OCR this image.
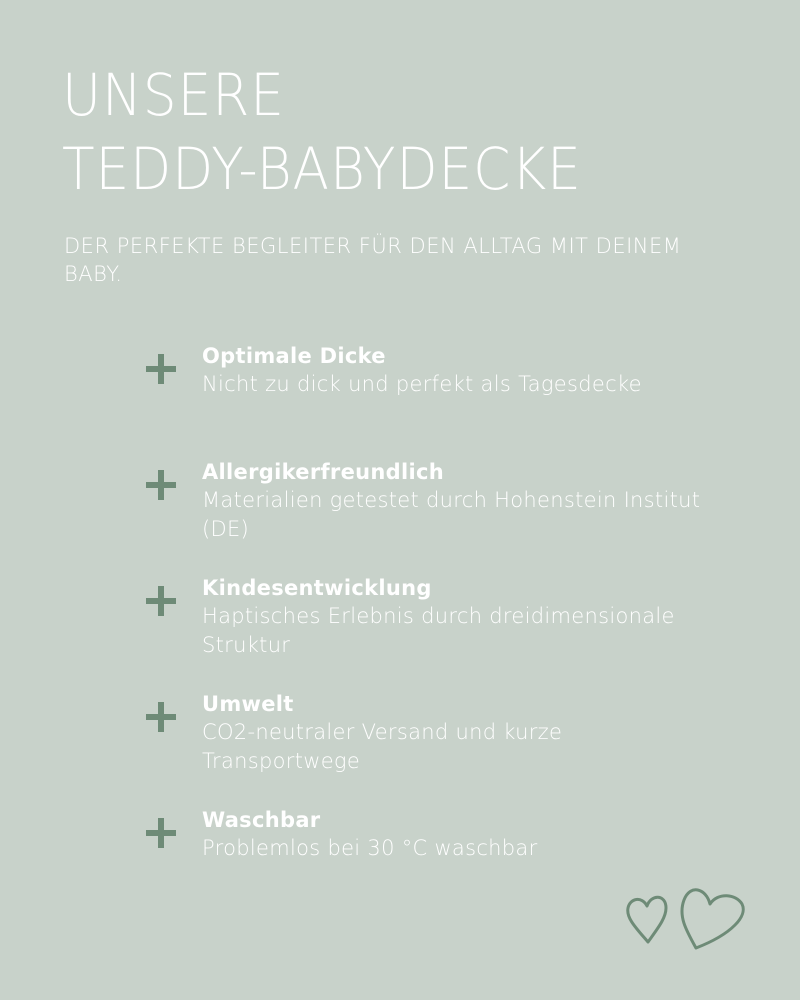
UNSERE
TEDDY-BABYDECKE

DER PERFEKTE BEGLEITER FÜR DEN ALLTAG MIT DEINEM BABY.

Optimale Dicke
Nicht zu dick und perfekt als Tagesdecke
Allergikerfreundlich
Materialien getestet durch Hohenstein Institut (DE)
Kindesentwicklung
Haptisches Erlebnis durch dreidimensionale Struktur
Umwelt
CO2-neutraler Versand und kurze Transportwege
Waschbar
Problemlos bei 30 °C waschbar
